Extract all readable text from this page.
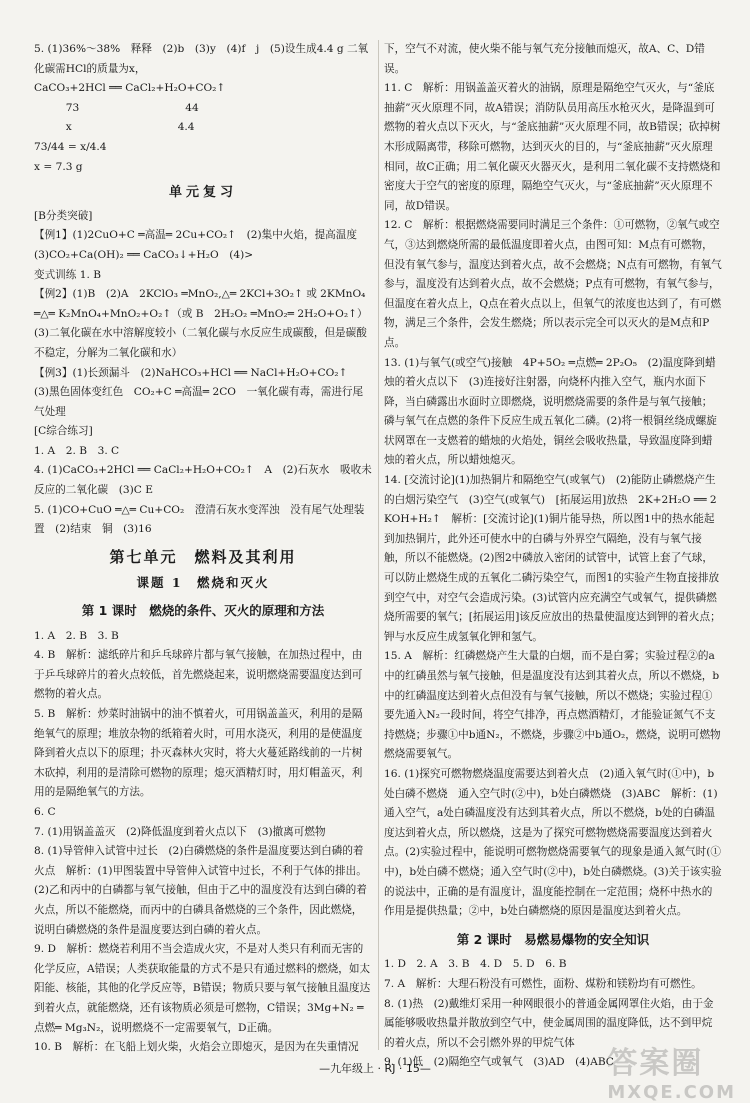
5. (1)36%～38%　释释　(2)b　(3)y　(4)f　j　(5)设生成4.4 g 二氧化碳需HCl的质量为x，
CaCO₃+2HCl ══ CaCl₂+H₂O+CO₂↑
　　　73　　　　　　　　　　44
　　　x　　　　　　　　　　4.4
73/44 = x/4.4
x = 7.3 g
单元复习
[B分类突破]
【例1】(1)2CuO+C ═高温═ 2Cu+CO₂↑　(2)集中火焰，提高温度
(3)CO₂+Ca(OH)₂ ══ CaCO₃↓+H₂O　(4)>
变式训练 1. B
【例2】(1)B　(2)A　2KClO₃ ═MnO₂,△═ 2KCl+3O₂↑ 或 2KMnO₄ ═△═ K₂MnO₄+MnO₂+O₂↑（或 B　2H₂O₂ ═MnO₂═ 2H₂O+O₂↑）(3)二氧化碳在水中溶解度较小（二氧化碳与水反应生成碳酸，但是碳酸不稳定，分解为二氧化碳和水）
【例3】(1)长颈漏斗　(2)NaHCO₃+HCl ══ NaCl+H₂O+CO₂↑
(3)黑色固体变红色　CO₂+C ═高温═ 2CO　一氧化碳有毒，需进行尾气处理
[C综合练习]
1. A　2. B　3. C
4. (1)CaCO₃+2HCl ══ CaCl₂+H₂O+CO₂↑　A　(2)石灰水　吸收未反应的二氧化碳　(3)C E
5. (1)CO+CuO ═△═ Cu+CO₂　澄清石灰水变浑浊　没有尾气处理装置　(2)结束　铜　(3)16
第七单元　燃料及其利用
课题 1　燃烧和灭火
第 1 课时　燃烧的条件、灭火的原理和方法
1. A　2. B　3. B
4. B　解析：滤纸碎片和乒乓球碎片都与氧气接触，在加热过程中，由于乒乓球碎片的着火点较低，首先燃烧起来，说明燃烧需要温度达到可燃物的着火点。
5. B　解析：炒菜时油锅中的油不慎着火，可用锅盖盖灭，利用的是隔绝氧气的原理；堆放杂物的纸箱着火时，可用水浇灭，利用的是使温度降到着火点以下的原理；扑灭森林火灾时，将大火蔓延路线前的一片树木砍掉，利用的是清除可燃物的原理；熄灭酒精灯时，用灯帽盖灭，利用的是隔绝氧气的方法。
6. C
7. (1)用锅盖盖灭　(2)降低温度到着火点以下　(3)撤离可燃物
8. (1)导管伸入试管中过长　(2)白磷燃烧的条件是温度要达到白磷的着火点　解析：(1)甲图装置中导管伸入试管中过长，不利于气体的排出。(2)乙和丙中的白磷都与氧气接触，但由于乙中的温度没有达到白磷的着火点，所以不能燃烧，而丙中的白磷具备燃烧的三个条件，因此燃烧，说明白磷燃烧的条件是温度要达到白磷的着火点。
9. D　解析：燃烧若利用不当会造成火灾，不是对人类只有利而无害的化学反应，A错误；人类获取能量的方式不是只有通过燃料的燃烧，如太阳能、核能，其他的化学反应等，B错误；物质只要与氧气接触且温度达到着火点，就能燃烧，还有该物质必须是可燃物，C错误；3Mg+N₂ ═点燃═ Mg₃N₂，说明燃烧不一定需要氧气，D正确。
10. B　解析：在飞船上划火柴，火焰会立即熄灭，是因为在失重情况
下，空气不对流，使火柴不能与氧气充分接触而熄灭，故A、C、D错误。
11. C　解析：用锅盖盖灭着火的油锅，原理是隔绝空气灭火，与“釜底抽薪”灭火原理不同，故A错误；消防队员用高压水枪灭火，是降温到可燃物的着火点以下灭火，与“釜底抽薪”灭火原理不同，故B错误；砍掉树木形成隔离带，移除可燃物，达到灭火的目的，与“釜底抽薪”灭火原理相同，故C正确；用二氧化碳灭火器灭火，是利用二氧化碳不支持燃烧和密度大于空气的密度的原理，隔绝空气灭火，与“釜底抽薪”灭火原理不同，故D错误。
12. C　解析：根据燃烧需要同时满足三个条件：①可燃物，②氧气或空气，③达到燃烧所需的最低温度即着火点，由图可知：M点有可燃物，但没有氧气参与，温度达到着火点，故不会燃烧；N点有可燃物，有氧气参与，温度没有达到着火点，故不会燃烧；P点有可燃物，有氧气参与，但温度在着火点上，Q点在着火点以上，但氧气的浓度也达到了，有可燃物，满足三个条件，会发生燃烧；所以表示完全可以灭火的是M点和P点。
13. (1)与氧气(或空气)接触　4P+5O₂ ═点燃═ 2P₂O₅　(2)温度降到蜡烛的着火点以下　(3)连接好注射器，向烧杯内推入空气，瓶内水面下降，当白磷露出水面时立即燃烧，说明燃烧需要的条件是与氧气接触；磷与氧气在点燃的条件下反应生成五氧化二磷。(2)将一根铜丝绕成螺旋状网罩在一支燃着的蜡烛的火焰处，铜丝会吸收热量，导致温度降到蜡烛的着火点，所以蜡烛熄灭。
14. [交流讨论](1)加热铜片和隔绝空气(或氧气)　(2)能防止磷燃烧产生的白烟污染空气　(3)空气(或氧气)　[拓展运用]放热　2K+2H₂O ══ 2KOH+H₂↑　解析：[交流讨论](1)铜片能导热，所以图1中的热水能起到加热铜片，此外还可使水中的白磷与外界空气隔绝，没有与氧气接触，所以不能燃烧。(2)图2中磷放入密闭的试管中，试管上套了气球，可以防止燃烧生成的五氧化二磷污染空气，而图1的实验产生物直接排放到空气中，对空气会造成污染。(3)试管内应充满空气或氧气，提供磷燃烧所需要的氧气；[拓展运用]该反应放出的热量使温度达到钾的着火点；钾与水反应生成氢氧化钾和氢气。
15. A　解析：红磷燃烧产生大量的白烟，而不是白雾；实验过程②的a中的红磷虽然与氧气接触，但是温度没有达到其着火点，所以不燃烧，b中的红磷温度达到着火点但没有与氧气接触，所以不燃烧；实验过程①要先通入N₂一段时间，将空气排净，再点燃酒精灯，才能验证氮气不支持燃烧；步骤①中b通N₂，不燃烧，步骤②中b通O₂，燃烧，说明可燃物燃烧需要氧气。
16. (1)探究可燃物燃烧温度需要达到着火点　(2)通入氧气时(①中)，b处白磷不燃烧　通入空气时(②中)，b处白磷燃烧　(3)ABC　解析：(1)通入空气，a处白磷温度没有达到其着火点，所以不燃烧，b处的白磷温度达到着火点，所以燃烧，这是为了探究可燃物燃烧需要温度达到着火点。(2)实验过程中，能说明可燃物燃烧需要氧气的现象是通入氮气时(①中)，b处白磷不燃烧；通入空气时(②中)，b处白磷燃烧。(3)关于该实验的说法中，正确的是有温度计，温度能控制在一定范围；烧杯中热水的作用是提供热量；②中，b处白磷燃烧的原因是温度达到着火点。
第 2 课时　易燃易爆物的安全知识
1. D　2. A　3. B　4. D　5. D　6. B
7. A　解析：大理石粉没有可燃性，面粉、煤粉和镁粉均有可燃性。
8. (1)热　(2)戴维灯采用一种网眼很小的普通金属网罩住火焰，由于金属能够吸收热量并散放到空气中，使金属周围的温度降低，达不到甲烷的着火点，所以不会引燃外界的甲烷气体
9. (1)低　(2)隔绝空气或氧气　(3)AD　(4)ABC
—九年级上 · RJ · 15—	答案圈
MXQE.COM
